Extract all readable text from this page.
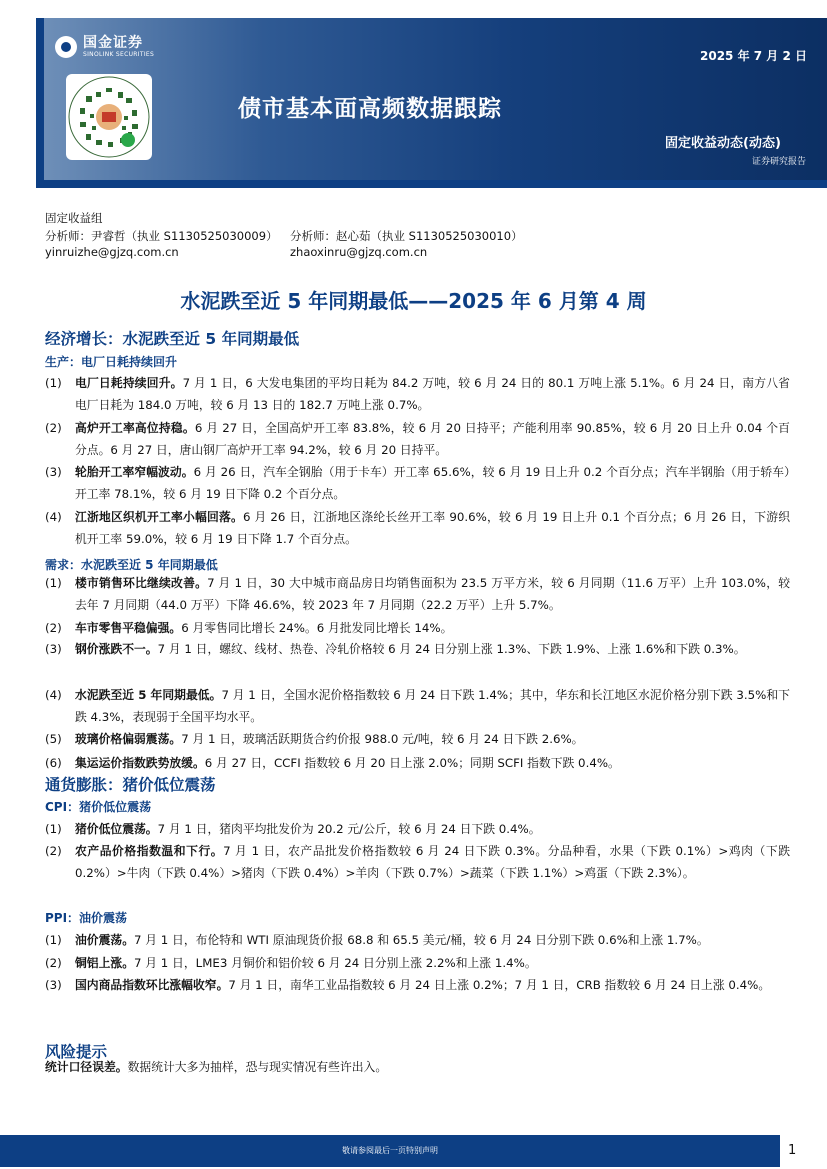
国金证券
SINOLINK SECURITIES	2025 年 7 月 2 日
债市基本面高频数据跟踪
固定收益动态(动态)
证券研究报告
固定收益组
分析师：尹睿哲（执业 S1130525030009） 分析师：赵心茹（执业 S1130525030010）
yinruizhe@gjzq.com.cn	zhaoxinru@gjzq.com.cn
水泥跌至近 5 年同期最低——2025 年 6 月第 4 周
经济增长：水泥跌至近 5 年同期最低
生产：电厂日耗持续回升
(1)	电厂日耗持续回升。7 月 1 日，6 大发电集团的平均日耗为 84.2 万吨，较 6 月 24 日的 80.1 万吨上涨 5.1%。6 月 24 日，南方八省电厂日耗为 184.0 万吨，较 6 月 13 日的 182.7 万吨上涨 0.7%。
(2)	高炉开工率高位持稳。6 月 27 日，全国高炉开工率 83.8%，较 6 月 20 日持平；产能利用率 90.85%，较 6 月 20 日上升 0.04 个百分点。6 月 27 日，唐山钢厂高炉开工率 94.2%，较 6 月 20 日持平。
(3)	轮胎开工率窄幅波动。6 月 26 日，汽车全钢胎（用于卡车）开工率 65.6%，较 6 月 19 日上升 0.2 个百分点；汽车半钢胎（用于轿车）开工率 78.1%，较 6 月 19 日下降 0.2 个百分点。
(4)	江浙地区织机开工率小幅回落。6 月 26 日，江浙地区涤纶长丝开工率 90.6%，较 6 月 19 日上升 0.1 个百分点；6 月 26 日，下游织机开工率 59.0%，较 6 月 19 日下降 1.7 个百分点。
需求：水泥跌至近 5 年同期最低
(1)	楼市销售环比继续改善。7 月 1 日，30 大中城市商品房日均销售面积为 23.5 万平方米，较 6 月同期（11.6 万平）上升 103.0%，较去年 7 月同期（44.0 万平）下降 46.6%，较 2023 年 7 月同期（22.2 万平）上升 5.7%。
(2)	车市零售平稳偏强。6 月零售同比增长 24%。6 月批发同比增长 14%。
(3)	钢价涨跌不一。7 月 1 日，螺纹、线材、热卷、冷轧价格较 6 月 24 日分别上涨 1.3%、下跌 1.9%、上涨 1.6%和下跌 0.3%。
(4)	水泥跌至近 5 年同期最低。7 月 1 日，全国水泥价格指数较 6 月 24 日下跌 1.4%；其中，华东和长江地区水泥价格分别下跌 3.5%和下跌 4.3%，表现弱于全国平均水平。
(5)	玻璃价格偏弱震荡。7 月 1 日，玻璃活跃期货合约价报 988.0 元/吨，较 6 月 24 日下跌 2.6%。
(6)	集运运价指数跌势放缓。6 月 27 日，CCFI 指数较 6 月 20 日上涨 2.0%；同期 SCFI 指数下跌 0.4%。
通货膨胀：猪价低位震荡
CPI：猪价低位震荡
(1)	猪价低位震荡。7 月 1 日，猪肉平均批发价为 20.2 元/公斤，较 6 月 24 日下跌 0.4%。
(2)	农产品价格指数温和下行。7 月 1 日，农产品批发价格指数较 6 月 24 日下跌 0.3%。分品种看，水果（下跌 0.1%）>鸡肉（下跌 0.2%）>牛肉（下跌 0.4%）>猪肉（下跌 0.4%）>羊肉（下跌 0.7%）>蔬菜（下跌 1.1%）>鸡蛋（下跌 2.3%）。
PPI：油价震荡
(1)	油价震荡。7 月 1 日，布伦特和 WTI 原油现货价报 68.8 和 65.5 美元/桶，较 6 月 24 日分别下跌 0.6%和上涨 1.7%。
(2)	铜铝上涨。7 月 1 日，LME3 月铜价和铝价较 6 月 24 日分别上涨 2.2%和上涨 1.4%。
(3)	国内商品指数环比涨幅收窄。7 月 1 日，南华工业品指数较 6 月 24 日上涨 0.2%；7 月 1 日，CRB 指数较 6 月 24 日上涨 0.4%。
风险提示
统计口径误差。数据统计大多为抽样，恐与现实情况有些许出入。
敬请参阅最后一页特别声明	1
